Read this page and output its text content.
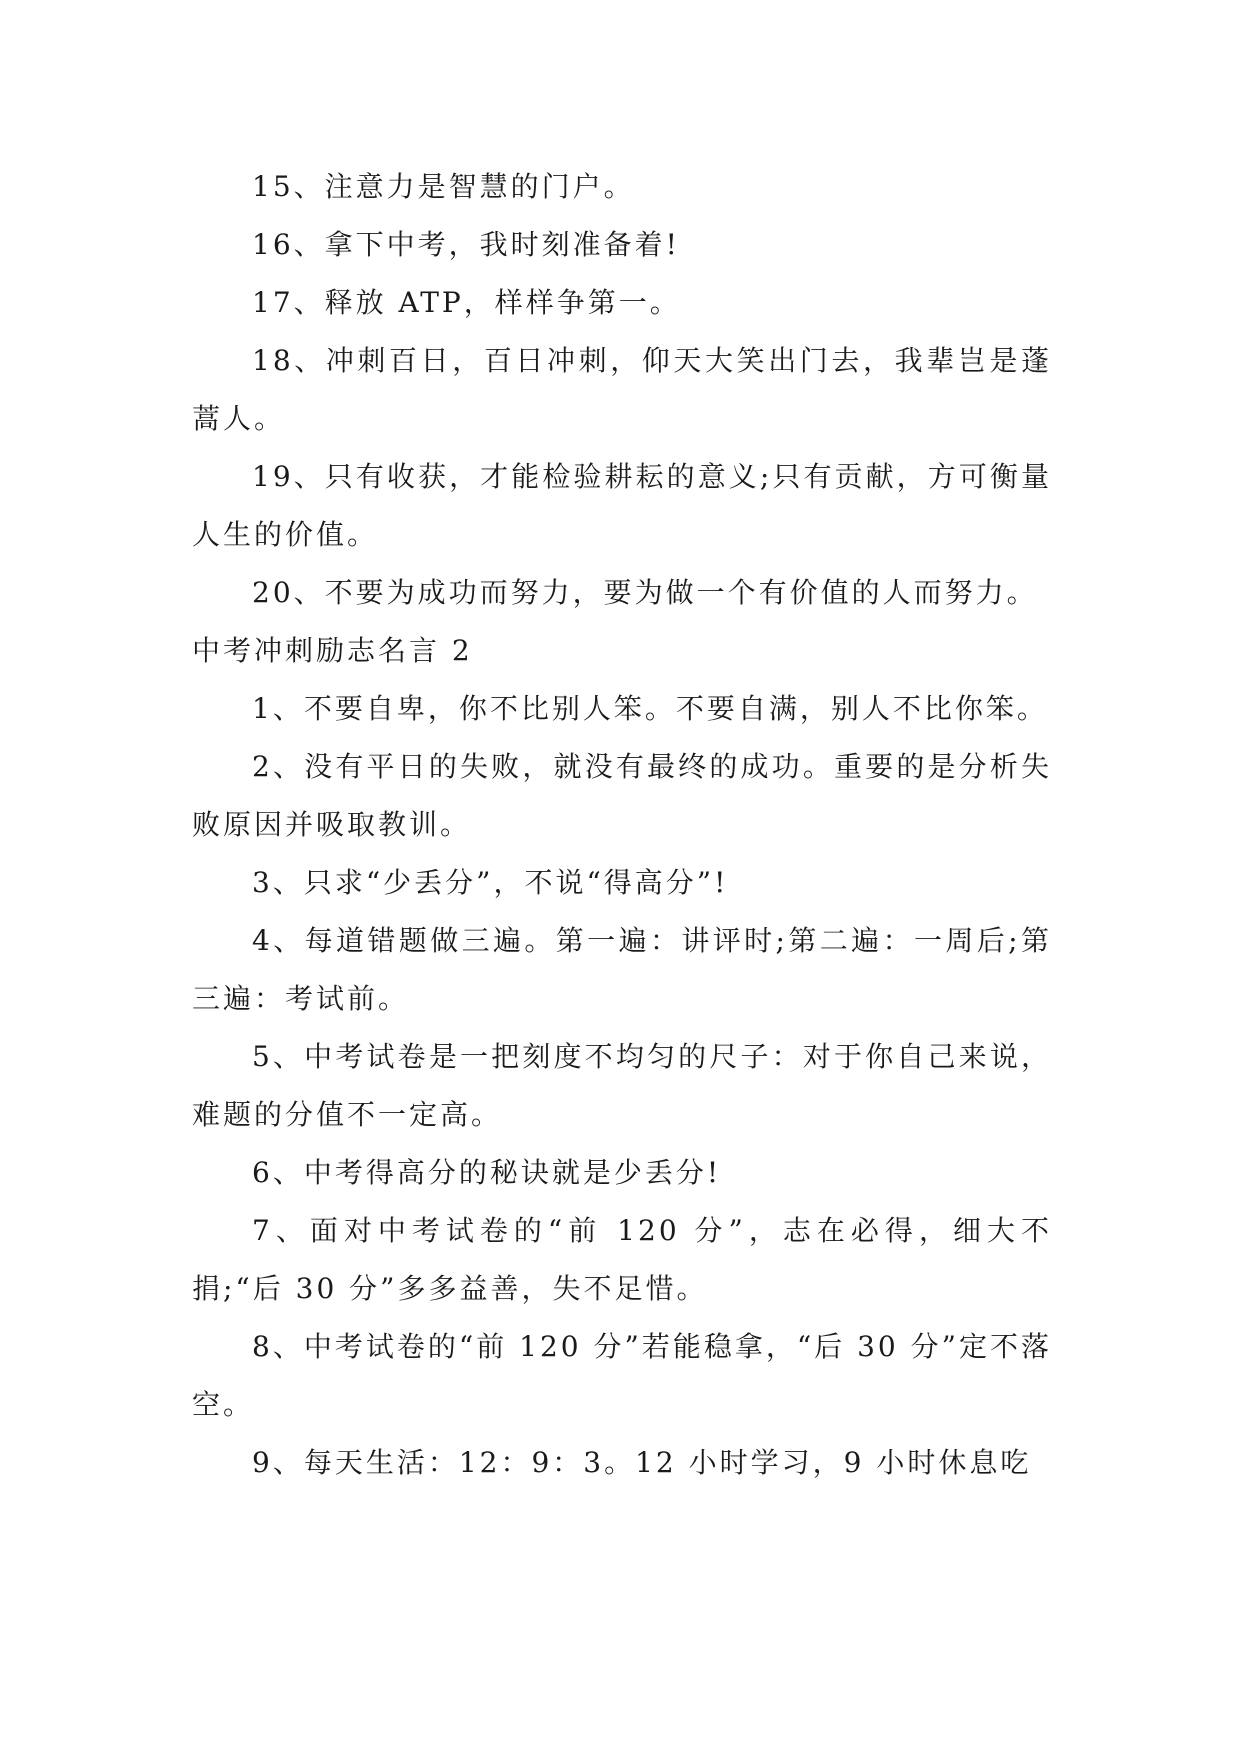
15、注意力是智慧的门户。

16、拿下中考，我时刻准备着!

17、释放 ATP，样样争第一。

18、冲刺百日，百日冲刺，仰天大笑出门去，我辈岂是蓬蒿人。

19、只有收获，才能检验耕耘的意义;只有贡献，方可衡量人生的价值。

20、不要为成功而努力，要为做一个有价值的人而努力。

中考冲刺励志名言 2

1、不要自卑，你不比别人笨。不要自满，别人不比你笨。

2、没有平日的失败，就没有最终的成功。重要的是分析失败原因并吸取教训。

3、只求“少丢分”，不说“得高分”!

4、每道错题做三遍。第一遍：讲评时;第二遍：一周后;第三遍：考试前。

5、中考试卷是一把刻度不均匀的尺子：对于你自己来说，难题的分值不一定高。

6、中考得高分的秘诀就是少丢分!

7、面对中考试卷的“前 120 分”，志在必得，细大不捐;“后 30 分”多多益善，失不足惜。

8、中考试卷的“前 120 分”若能稳拿，“后 30 分”定不落空。

9、每天生活：12：9：3。12 小时学习，9 小时休息吃
